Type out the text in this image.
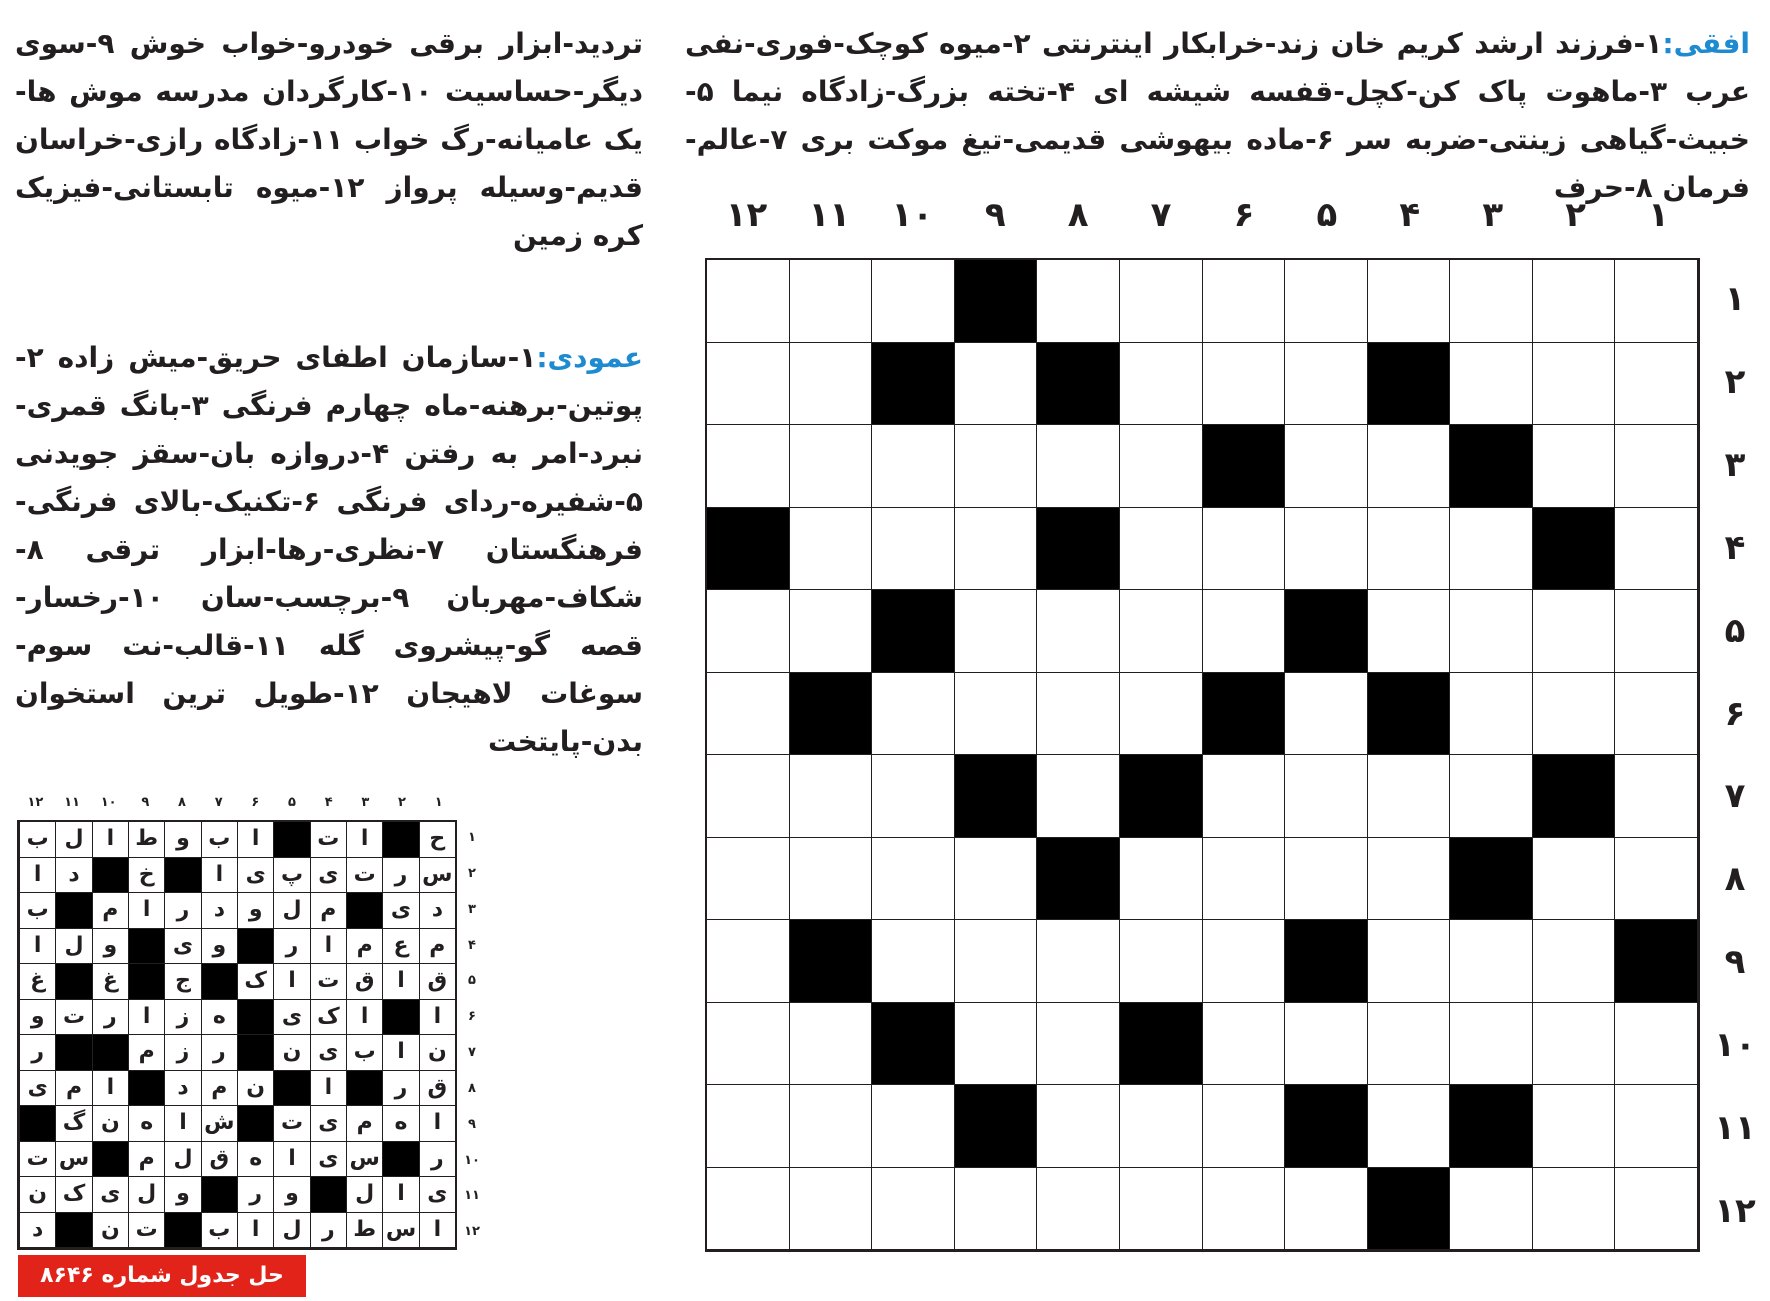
افقی:۱-فرزند ارشد کریم خان زند-خرابکار اینترنتی ۲-میوه کوچک-فوری-نفی عرب ۳-ماهوت پاک کن-کچل-قفسه شیشه ای ۴-تخته بزرگ-زادگاه نیما ۵-خبیث-گیاهی زینتی-ضربه سر ۶-ماده بیهوشی قدیمی-تیغ موکت بری ۷-عالم-فرمان ۸-حرف
تردید-ابزار برقی خودرو-خواب خوش ۹-سوی دیگر-حساسیت ۱۰-کارگردان مدرسه موش ها-یک عامیانه-رگ خواب ۱۱-زادگاه رازی-خراسان قدیم-وسیله پرواز ۱۲-میوه تابستانی-فیزیک کره زمین
عمودی:۱-سازمان اطفای حریق-میش زاده ۲-پوتین-برهنه-ماه چهارم فرنگی ۳-بانگ قمری-نبرد-امر به رفتن ۴-دروازه بان-سقز جویدنی ۵-شفیره-ردای فرنگی ۶-تکنیک-بالای فرنگی-فرهنگستان ۷-نظری-رها-ابزار ترقی ۸-شکاف-مهربان ۹-برچسب-سان ۱۰-رخسار-قصه گو-پیشروی گله ۱۱-قالب-نت سوم-سوغات لاهیجان ۱۲-طویل ترین استخوان بدن-پایتخت
۱
۲
۳
۴
۵
۶
۷
۸
۹
۱۰
۱۱
۱۲
۱
۲
۳
۴
۵
۶
۷
۸
۹
۱۰
۱۱
۱۲
۱
۲
۳
۴
۵
۶
۷
۸
۹
۱۰
۱۱
۱۲
۱
۲
۳
۴
۵
۶
۷
۸
۹
۱۰
۱۱
۱۲
ح
ا
ت
ا
ب
و
ط
ا
ل
ب
س
ر
ت
ی
پ
ی
ا
خ
د
ا
د
ی
م
ل
و
د
ر
ا
م
ب
م
ع
م
ا
ر
و
ی
و
ل
ا
ق
ا
ق
ت
ا
ک
ج
غ
غ
ا
ا
ک
ی
ه
ز
ا
ر
ت
و
ن
ا
ب
ی
ن
ر
ز
م
ر
ق
ر
ا
ن
م
د
ا
م
ی
ا
ه
م
ی
ت
ش
ا
ه
ن
گ
ر
س
ی
ا
ه
ق
ل
م
س
ت
ی
ا
ل
و
ر
و
ل
ی
ک
ن
ا
س
ط
ر
ل
ا
ب
ت
ن
د
حل جدول شماره ۸۶۴۶
